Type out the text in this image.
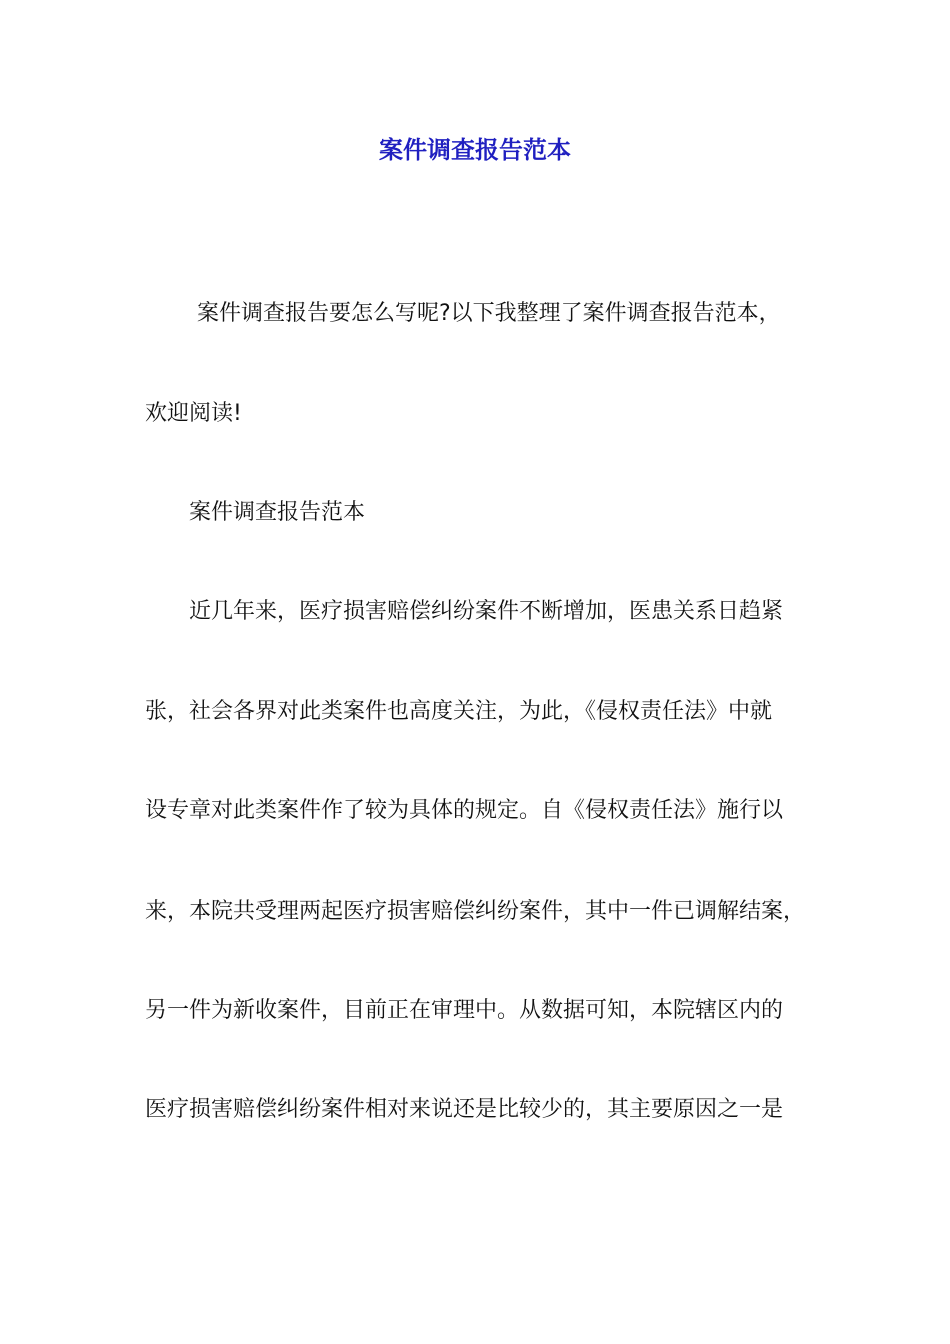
案件调查报告范本

案件调查报告要怎么写呢?以下我整理了案件调查报告范本，

欢迎阅读!

案件调查报告范本

近几年来，医疗损害赔偿纠纷案件不断增加，医患关系日趋紧

张，社会各界对此类案件也高度关注，为此，《侵权责任法》中就

设专章对此类案件作了较为具体的规定。自《侵权责任法》施行以

来，本院共受理两起医疗损害赔偿纠纷案件，其中一件已调解结案，

另一件为新收案件，目前正在审理中。从数据可知，本院辖区内的

医疗损害赔偿纠纷案件相对来说还是比较少的，其主要原因之一是
